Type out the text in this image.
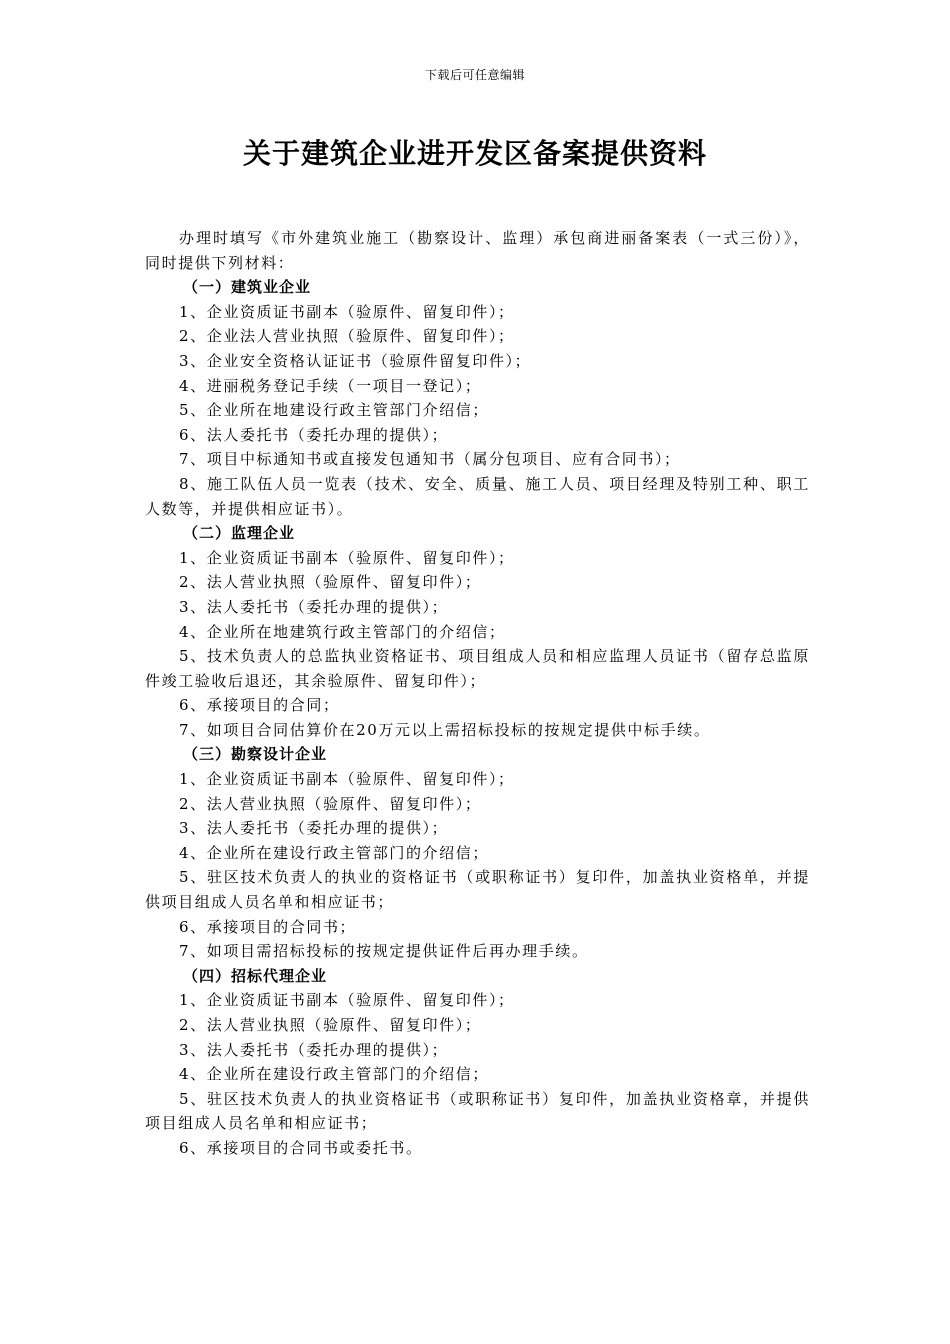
下载后可任意编辑
关于建筑企业进开发区备案提供资料
办理时填写《市外建筑业施工（勘察设计、监理）承包商进丽备案表（一式三份）》，
同时提供下列材料：
（一）建筑业企业
1、企业资质证书副本（验原件、留复印件）；
2、企业法人营业执照（验原件、留复印件）；
3、企业安全资格认证证书（验原件留复印件）；
4、进丽税务登记手续（一项目一登记）；
5、企业所在地建设行政主管部门介绍信；
6、法人委托书（委托办理的提供）；
7、项目中标通知书或直接发包通知书（属分包项目、应有合同书）；
8、施工队伍人员一览表（技术、安全、质量、施工人员、项目经理及特别工种、职工
人数等，并提供相应证书）。
（二）监理企业
1、企业资质证书副本（验原件、留复印件）；
2、法人营业执照（验原件、留复印件）；
3、法人委托书（委托办理的提供）；
4、企业所在地建筑行政主管部门的介绍信；
5、技术负责人的总监执业资格证书、项目组成人员和相应监理人员证书（留存总监原
件竣工验收后退还，其余验原件、留复印件）；
6、承接项目的合同；
7、如项目合同估算价在20万元以上需招标投标的按规定提供中标手续。
（三）勘察设计企业
1、企业资质证书副本（验原件、留复印件）；
2、法人营业执照（验原件、留复印件）；
3、法人委托书（委托办理的提供）；
4、企业所在建设行政主管部门的介绍信；
5、驻区技术负责人的执业的资格证书（或职称证书）复印件，加盖执业资格单，并提
供项目组成人员名单和相应证书；
6、承接项目的合同书；
7、如项目需招标投标的按规定提供证件后再办理手续。
（四）招标代理企业
1、企业资质证书副本（验原件、留复印件）；
2、法人营业执照（验原件、留复印件）；
3、法人委托书（委托办理的提供）；
4、企业所在建设行政主管部门的介绍信；
5、驻区技术负责人的执业资格证书（或职称证书）复印件，加盖执业资格章，并提供
项目组成人员名单和相应证书；
6、承接项目的合同书或委托书。
